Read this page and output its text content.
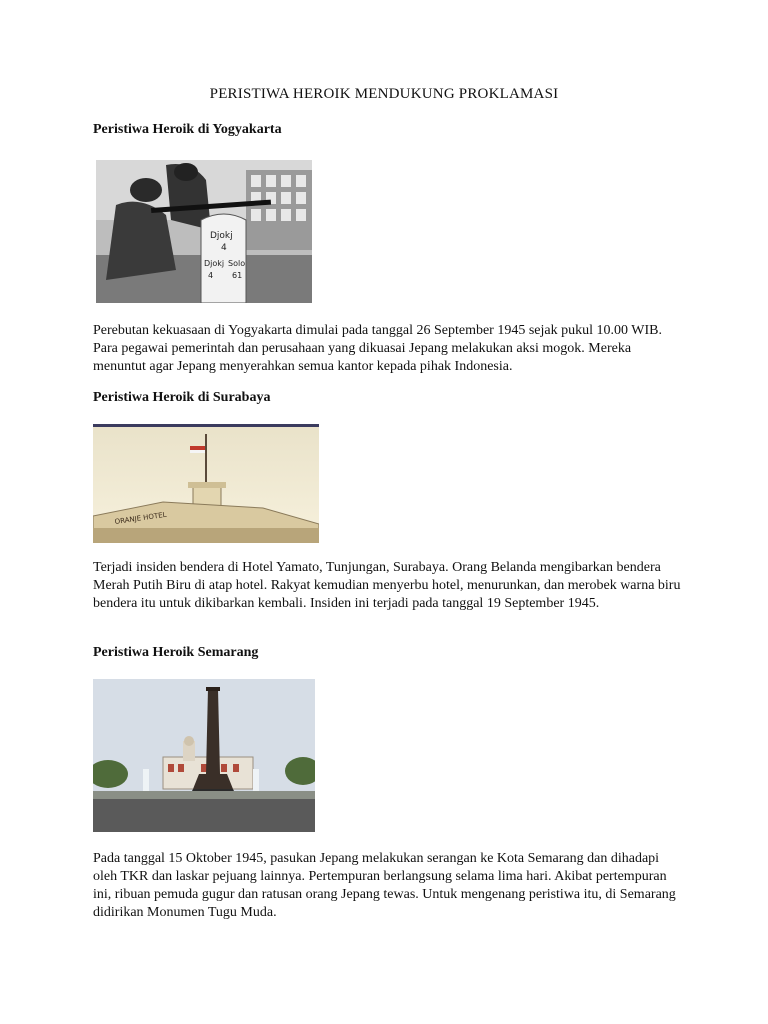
PERISTIWA HEROIK MENDUKUNG PROKLAMASI
Peristiwa Heroik di Yogyakarta
Djokj
4
Djokj Solo
4 61

Perebutan kekuasaan di Yogyakarta dimulai pada tanggal 26 September 1945 sejak pukul 10.00 WIB. Para pegawai pemerintah dan perusahaan yang dikuasai Jepang melakukan aksi mogok. Mereka menuntut agar Jepang menyerahkan semua kantor kepada pihak Indonesia.

Peristiwa Heroik di Surabaya
ORANJE HOTEL

Terjadi insiden bendera di Hotel Yamato, Tunjungan, Surabaya. Orang Belanda mengibarkan bendera Merah Putih Biru di atap hotel. Rakyat kemudian menyerbu hotel, menurunkan, dan merobek warna biru bendera itu untuk dikibarkan kembali. Insiden ini terjadi pada tanggal 19 September 1945.

Peristiwa Heroik Semarang

Pada tanggal 15 Oktober 1945, pasukan Jepang melakukan serangan ke Kota Semarang dan dihadapi oleh TKR dan laskar pejuang lainnya. Pertempuran berlangsung selama lima hari. Akibat pertempuran ini, ribuan pemuda gugur dan ratusan orang Jepang tewas. Untuk mengenang peristiwa itu, di Semarang didirikan Monumen Tugu Muda.
